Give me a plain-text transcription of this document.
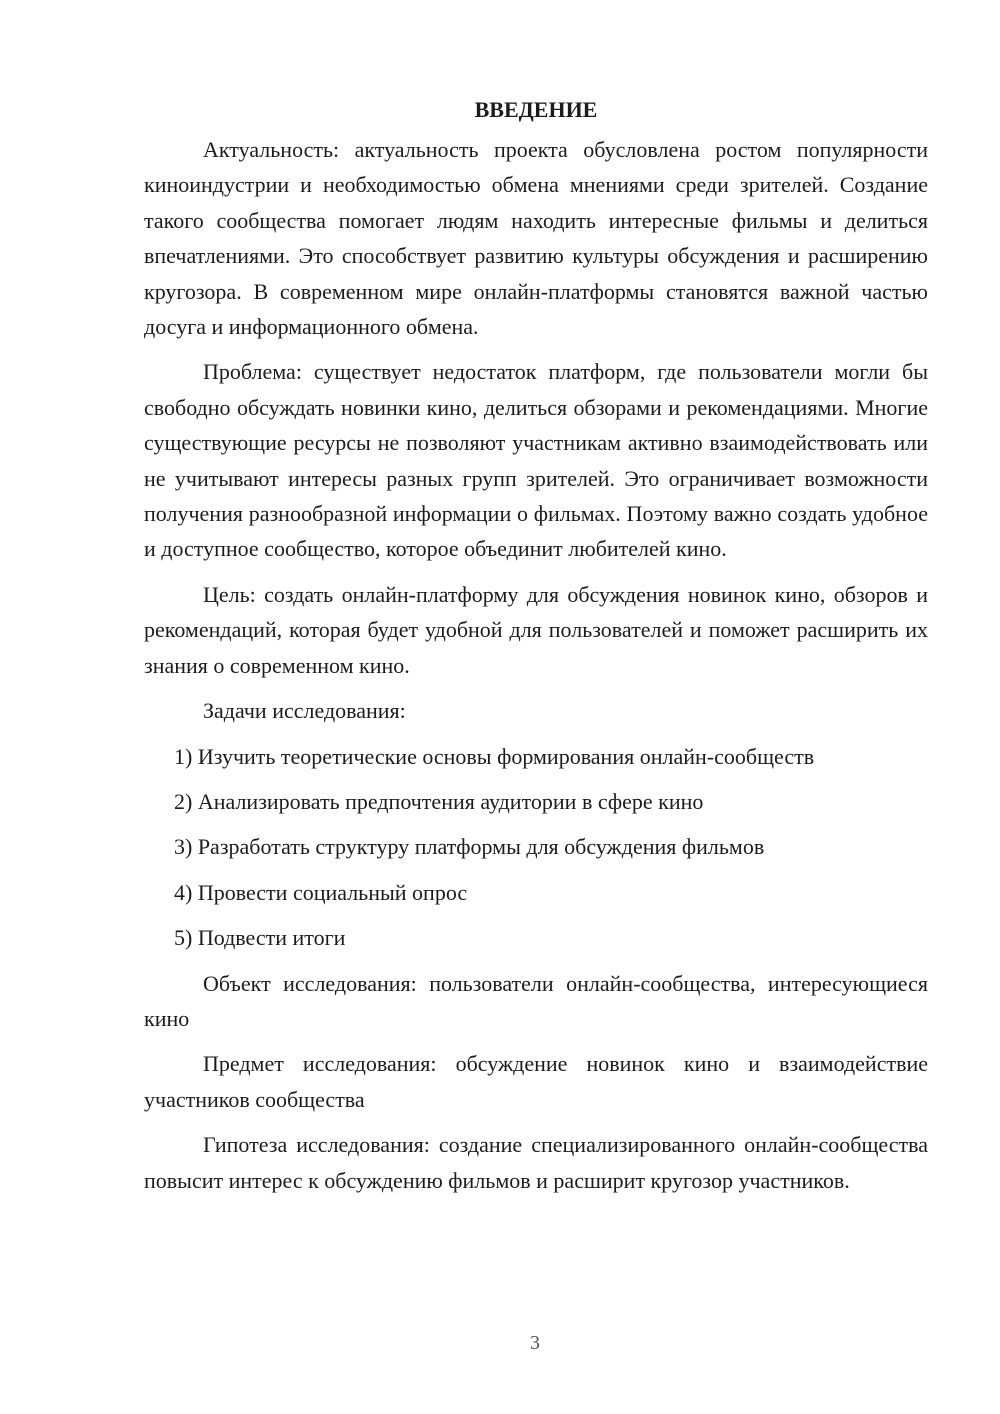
ВВЕДЕНИЕ

Актуальность: актуальность проекта обусловлена ростом популярности киноиндустрии и необходимостью обмена мнениями среди зрителей. Создание такого сообщества помогает людям находить интересные фильмы и делиться впечатлениями. Это способствует развитию культуры обсуждения и расширению кругозора. В современном мире онлайн-платформы становятся важной частью досуга и информационного обмена.

Проблема: существует недостаток платформ, где пользователи могли бы свободно обсуждать новинки кино, делиться обзорами и рекомендациями. Многие существующие ресурсы не позволяют участникам активно взаимодействовать или не учитывают интересы разных групп зрителей. Это ограничивает возможности получения разнообразной информации о фильмах. Поэтому важно создать удобное и доступное сообщество, которое объединит любителей кино.

Цель: создать онлайн-платформу для обсуждения новинок кино, обзоров и рекомендаций, которая будет удобной для пользователей и поможет расширить их знания о современном кино.

Задачи исследования:

1) Изучить теоретические основы формирования онлайн-сообществ
2) Анализировать предпочтения аудитории в сфере кино
3) Разработать структуру платформы для обсуждения фильмов
4) Провести социальный опрос
5) Подвести итоги

Объект исследования: пользователи онлайн-сообщества, интересующиеся кино

Предмет исследования: обсуждение новинок кино и взаимодействие участников сообщества

Гипотеза исследования: создание специализированного онлайн-сообщества повысит интерес к обсуждению фильмов и расширит кругозор участников.

3
